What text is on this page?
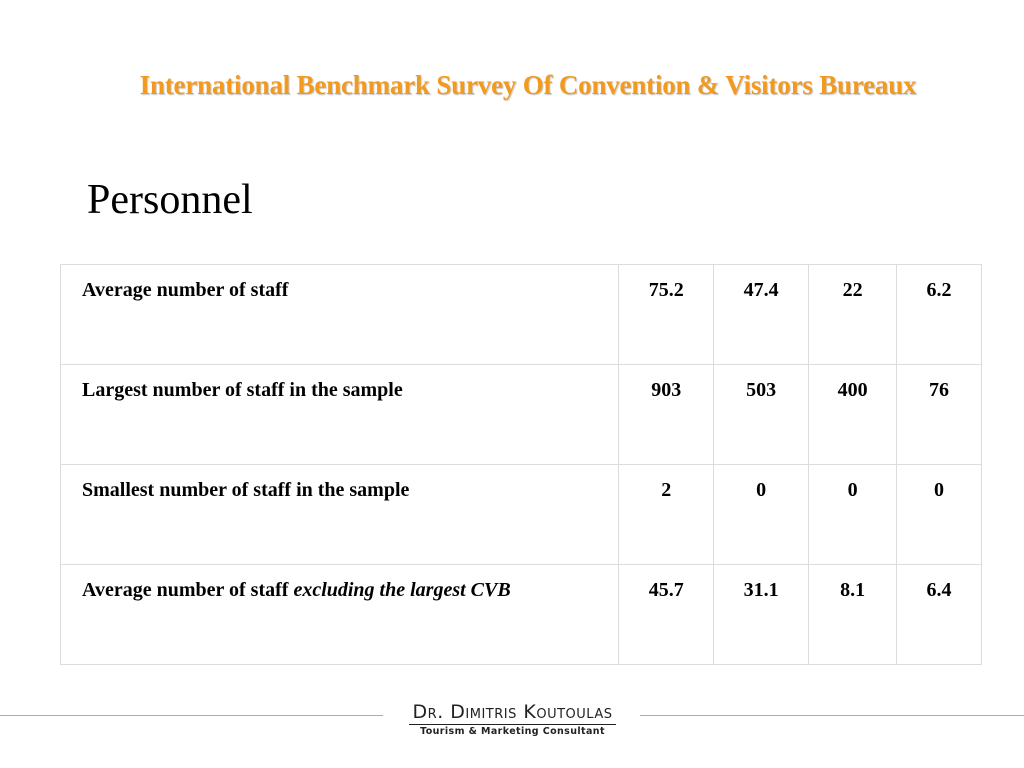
International Benchmark Survey Of Convention & Visitors Bureaux
Personnel
Average number of staff	75.2	47.4	22	6.2
Largest number of staff in the sample	903	503	400	76
Smallest number of staff in the sample	2	0	0	0
Average number of staff excluding the largest CVB	45.7	31.1	8.1	6.4
Dr. Dimitris Koutoulas
Tourism & Marketing Consultant
